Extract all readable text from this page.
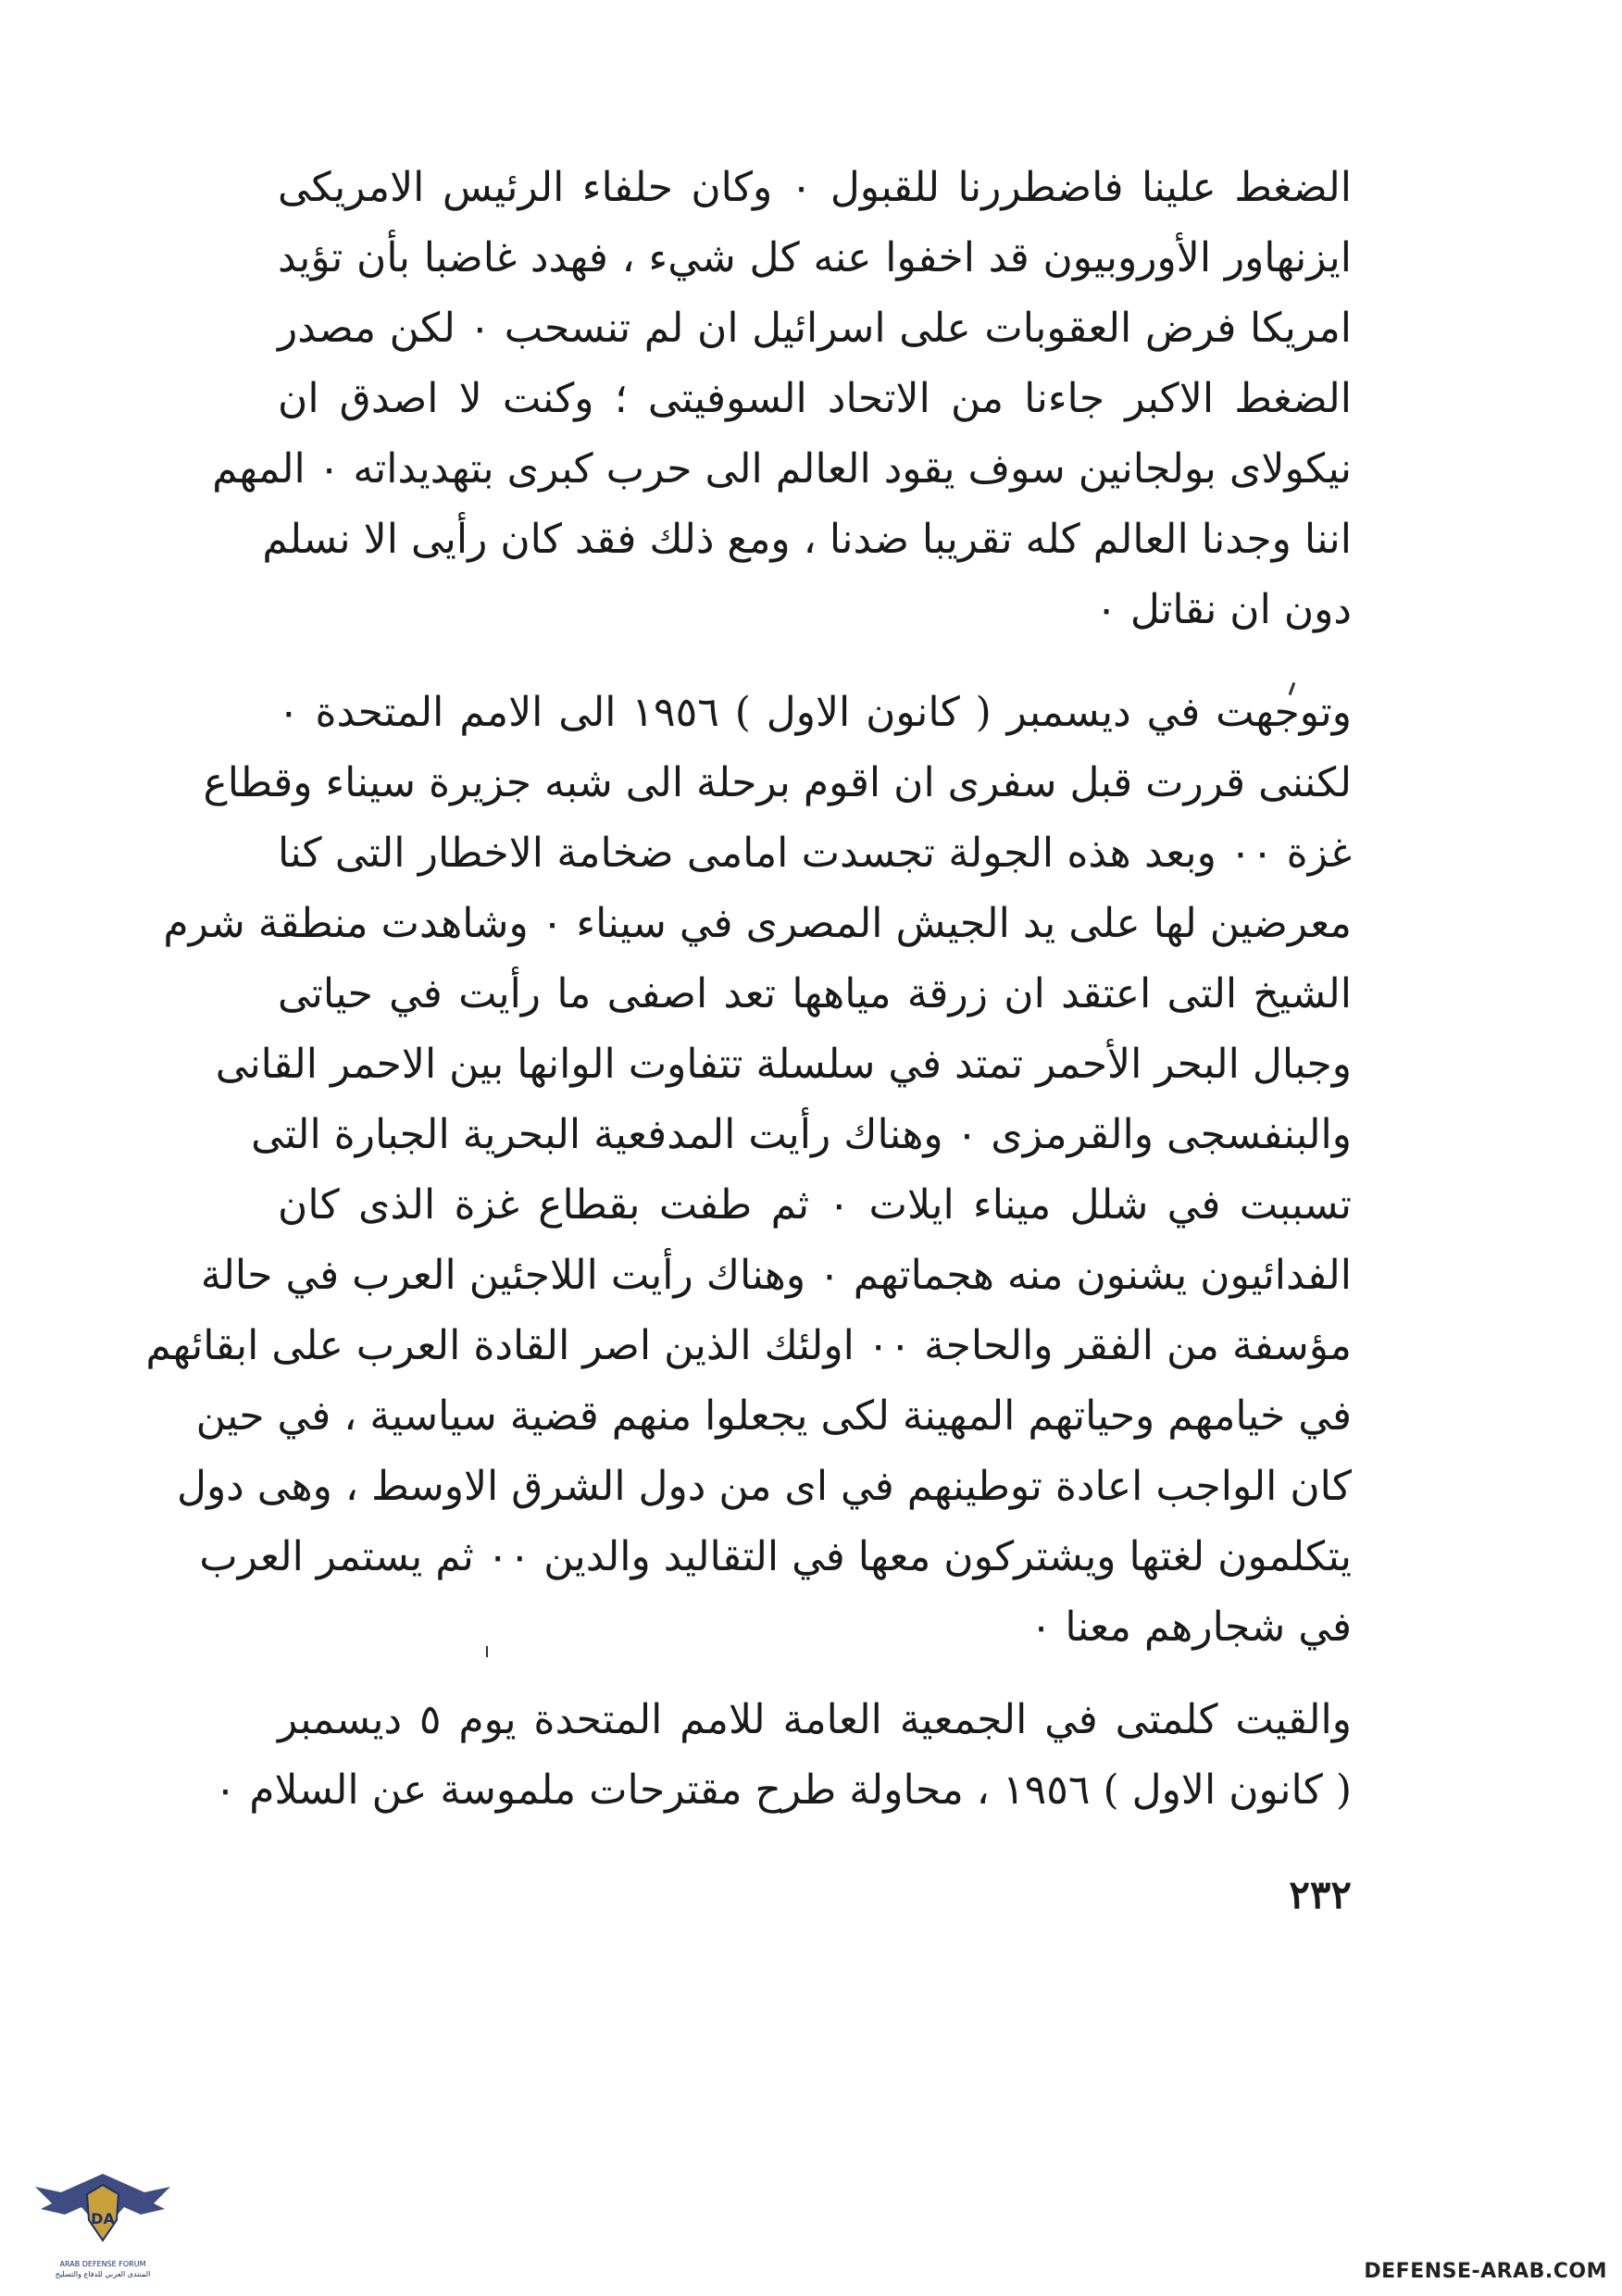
الضغط علينا فاضطررنا للقبول ٠ وكان حلفاء الرئيس الامريكى
ايزنهاور الأوروبيون قد اخفوا عنه كل شيء ، فهدد غاضبا بأن تؤيد
امريكا فرض العقوبات على اسرائيل ان لم تنسحب ٠ لكن مصدر
الضغط الاكبر جاءنا من الاتحاد السوفيتى ؛ وكنت لا اصدق ان
نيكولاى بولجانين سوف يقود العالم الى حرب كبرى بتهديداته ٠ المهم
اننا وجدنا العالم كله تقريبا ضدنا ، ومع ذلك فقد كان رأيى الا نسلم
دون ان نقاتل ٠
وتوجهت في ديسمبر ( كانون الاول ) ١٩٥٦ الى الامم المتحدة ٠
لكننى قررت قبل سفرى ان اقوم برحلة الى شبه جزيرة سيناء وقطاع
غزة ٠٠ وبعد هذه الجولة تجسدت امامى ضخامة الاخطار التى كنا
معرضين لها على يد الجيش المصرى في سيناء ٠ وشاهدت منطقة شرم
الشيخ التى اعتقد ان زرقة مياهها تعد اصفى ما رأيت في حياتى
وجبال البحر الأحمر تمتد في سلسلة تتفاوت الوانها بين الاحمر القانى
والبنفسجى والقرمزى ٠ وهناك رأيت المدفعية البحرية الجبارة التى
تسببت في شلل ميناء ايلات ٠ ثم طفت بقطاع غزة الذى كان
الفدائيون يشنون منه هجماتهم ٠ وهناك رأيت اللاجئين العرب في حالة
مؤسفة من الفقر والحاجة ٠٠ اولئك الذين اصر القادة العرب على ابقائهم
في خيامهم وحياتهم المهينة لكى يجعلوا منهم قضية سياسية ، في حين
كان الواجب اعادة توطينهم في اى من دول الشرق الاوسط ، وهى دول
يتكلمون لغتها ويشتركون معها في التقاليد والدين ٠٠ ثم يستمر العرب
في شجارهم معنا ٠
والقيت كلمتى في الجمعية العامة للامم المتحدة يوم ٥ ديسمبر
( كانون الاول ) ١٩٥٦ ، محاولة طرح مقترحات ملموسة عن السلام ٠

٢٣٢

DA
ARAB DEFENSE FORUM
المنتدى العربي للدفاع والتسليح	DEFENSE-ARAB.COM
